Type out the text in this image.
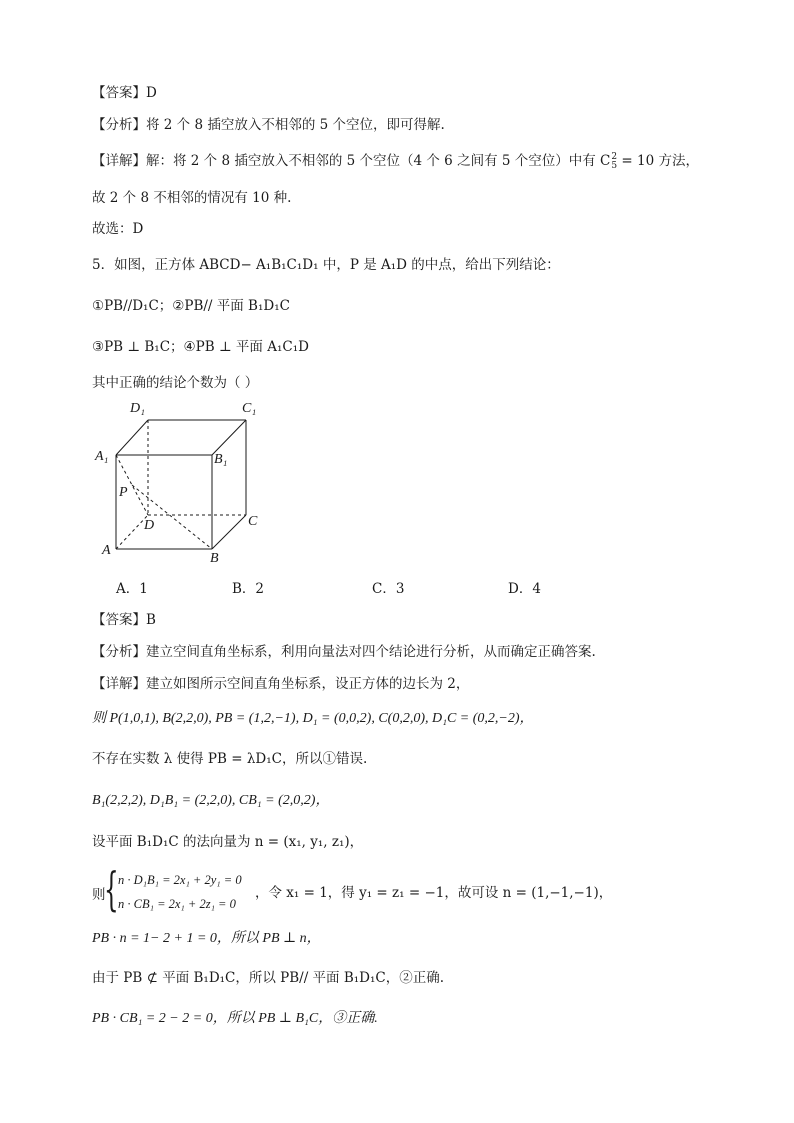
【答案】D
【分析】将 2 个 8 插空放入不相邻的 5 个空位，即可得解.
【详解】解：将 2 个 8 插空放入不相邻的 5 个空位（4 个 6 之间有 5 个空位）中有 C 2
5 = 10 方法，
故 2 个 8 不相邻的情况有 10 种.
故选：D
5．如图，正方体 ABCD− A₁B₁C₁D₁ 中，P 是 A₁D 的中点，给出下列结论：
①PB//D₁C；②PB// 平面 B₁D₁C
③PB ⊥ B₁C；④PB ⊥ 平面 A₁C₁D
其中正确的结论个数为（ ）
D₁	C₁
A₁	B₁
P
D	C
A
B
A．1	B．2	C．3	D．4
【答案】B
【分析】建立空间直角坐标系，利用向量法对四个结论进行分析，从而确定正确答案.
【详解】建立如图所示空间直角坐标系，设正方体的边长为 2，
则 P(1,0,1), B(2,2,0), PB = (1,2,−1), D₁ = (0,0,2), C(0,2,0), D₁C = (0,2,−2)，
不存在实数 λ 使得 PB = λD₁C，所以①错误.
B₁(2,2,2), D₁B₁ = (2,2,0), CB₁ = (2,0,2)，
设平面 B₁D₁C 的法向量为 n = (x₁, y₁, z₁)，
则
{ n · D₁B₁ = 2x₁ + 2y₁ = 0
n · CB₁ = 2x₁ + 2z₁ = 0
，令 x₁ = 1，得 y₁ = z₁ = −1，故可设 n = (1,−1,−1)，
PB · n = 1− 2 + 1 = 0，所以 PB ⊥ n，
由于 PB ⊄ 平面 B₁D₁C，所以 PB// 平面 B₁D₁C，②正确.
PB · CB₁ = 2 − 2 = 0，所以 PB ⊥ B₁C，③正确.
